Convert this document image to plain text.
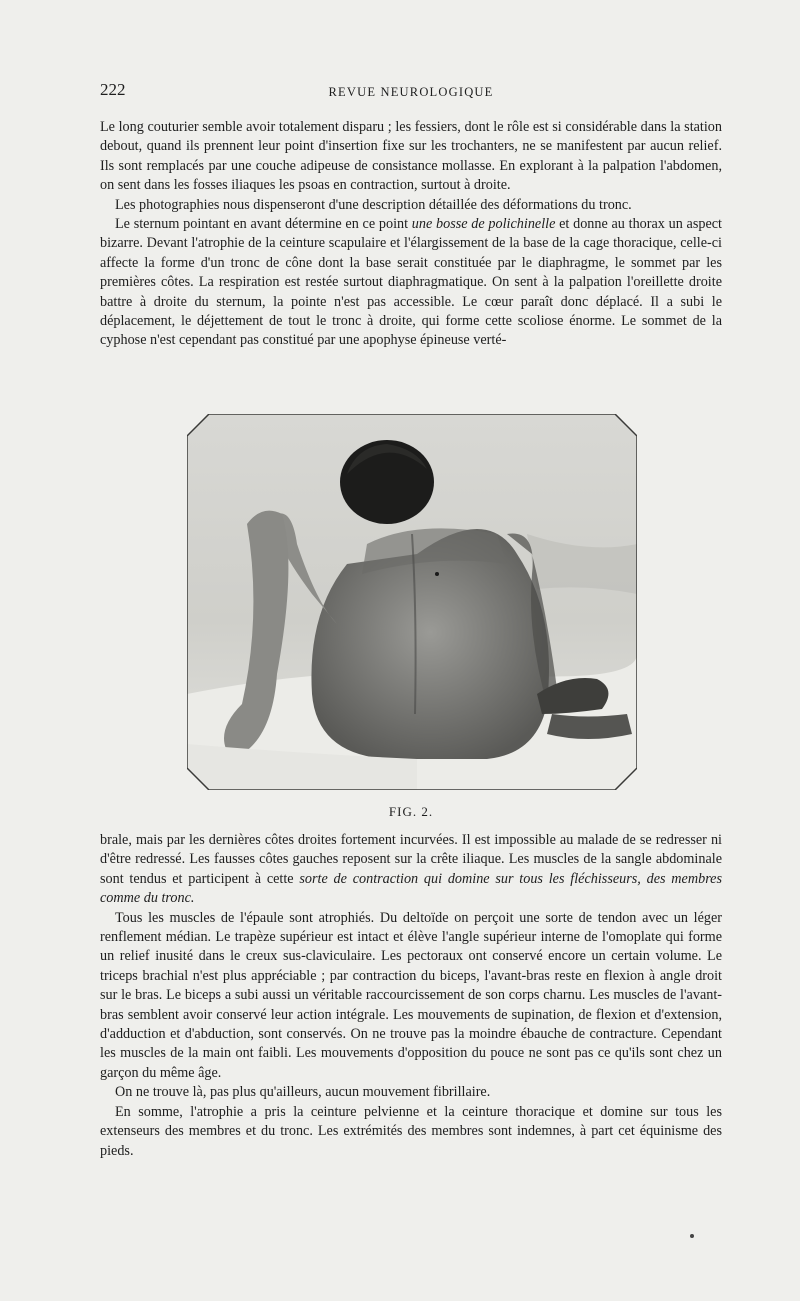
222	REVUE NEUROLOGIQUE

Le long couturier semble avoir totalement disparu ; les fessiers, dont le rôle est si considérable dans la station debout, quand ils prennent leur point d'insertion fixe sur les trochanters, ne se manifestent par aucun relief. Ils sont remplacés par une couche adipeuse de consistance mollasse. En explorant à la palpation l'abdomen, on sent dans les fosses iliaques les psoas en contraction, surtout à droite.

Les photographies nous dispenseront d'une description détaillée des déformations du tronc.

Le sternum pointant en avant détermine en ce point une bosse de polichinelle et donne au thorax un aspect bizarre. Devant l'atrophie de la ceinture scapulaire et l'élargissement de la base de la cage thoracique, celle-ci affecte la forme d'un tronc de cône dont la base serait constituée par le diaphragme, le sommet par les premières côtes. La respiration est restée surtout diaphragmatique. On sent à la palpation l'oreillette droite battre à droite du sternum, la pointe n'est pas accessible. Le cœur paraît donc déplacé. Il a subi le déplacement, le déjettement de tout le tronc à droite, qui forme cette scoliose énorme. Le sommet de la cyphose n'est cependant pas constitué par une apophyse épineuse verté-

FIG. 2.

brale, mais par les dernières côtes droites fortement incurvées. Il est impossible au malade de se redresser ni d'être redressé. Les fausses côtes gauches reposent sur la crête iliaque. Les muscles de la sangle abdominale sont tendus et participent à cette sorte de contraction qui domine sur tous les fléchisseurs, des membres comme du tronc.

Tous les muscles de l'épaule sont atrophiés. Du deltoïde on perçoit une sorte de tendon avec un léger renflement médian. Le trapèze supérieur est intact et élève l'angle supérieur interne de l'omoplate qui forme un relief inusité dans le creux sus-claviculaire. Les pectoraux ont conservé encore un certain volume. Le triceps brachial n'est plus appréciable ; par contraction du biceps, l'avant-bras reste en flexion à angle droit sur le bras. Le biceps a subi aussi un véritable raccourcissement de son corps charnu. Les muscles de l'avant-bras semblent avoir conservé leur action intégrale. Les mouvements de supination, de flexion et d'extension, d'adduction et d'abduction, sont conservés. On ne trouve pas la moindre ébauche de contracture. Cependant les muscles de la main ont faibli. Les mouvements d'opposition du pouce ne sont pas ce qu'ils sont chez un garçon du même âge.

On ne trouve là, pas plus qu'ailleurs, aucun mouvement fibrillaire.

En somme, l'atrophie a pris la ceinture pelvienne et la ceinture thoracique et domine sur tous les extenseurs des membres et du tronc. Les extrémités des membres sont indemnes, à part cet équinisme des pieds.
